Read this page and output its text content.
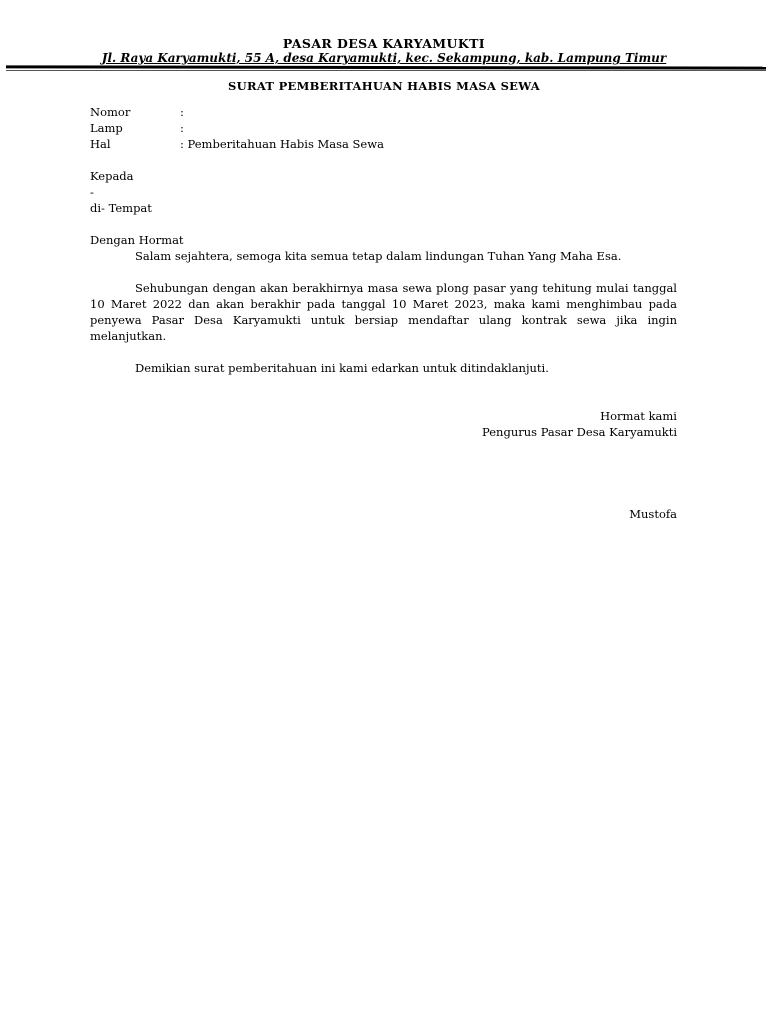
PASAR DESA KARYAMUKTI
Jl. Raya Karyamukti, 55 A, desa Karyamukti, kec. Sekampung, kab. Lampung Timur
SURAT PEMBERITAHUAN HABIS MASA SEWA
Nomor	:
Lamp	:
Hal	: Pemberitahuan Habis Masa Sewa
Kepada
-
di- Tempat
Dengan Hormat

Salam sejahtera, semoga kita semua tetap dalam lindungan Tuhan Yang Maha Esa.

Sehubungan dengan akan berakhirnya masa sewa plong pasar yang tehitung mulai tanggal 10 Maret 2022 dan akan berakhir pada tanggal 10 Maret 2023, maka kami menghimbau pada penyewa Pasar Desa Karyamukti untuk bersiap mendaftar ulang kontrak sewa jika ingin melanjutkan.

Demikian surat pemberitahuan ini kami edarkan untuk ditindaklanjuti.

Hormat kami
Pengurus Pasar Desa Karyamukti
Mustofa
